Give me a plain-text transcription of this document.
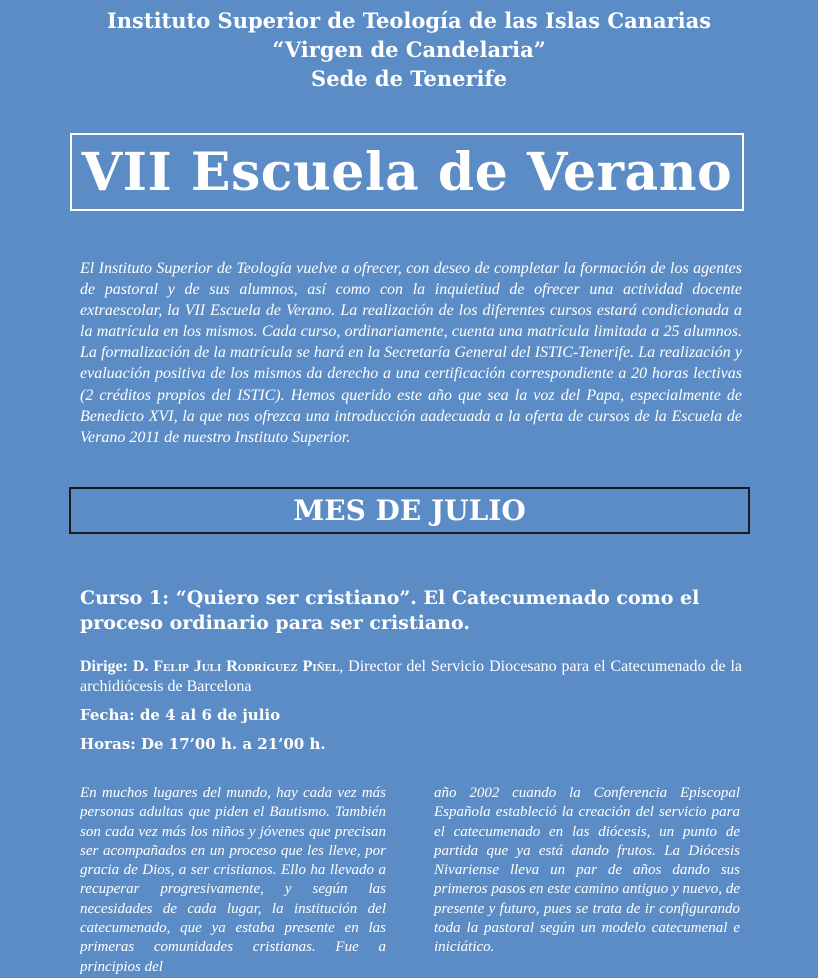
Instituto Superior de Teología de las Islas Canarias
“Virgen de Candelaria”
Sede de Tenerife
VII Escuela de Verano

El Instituto Superior de Teología vuelve a ofrecer, con deseo de completar la formación de los agentes de pastoral y de sus alumnos, así como con la inquietiud de ofrecer una actividad docente extraescolar, la VII Escuela de Verano. La realización de los diferentes cursos estará condicionada a la matrícula en los mismos. Cada curso, ordinariamente, cuenta una matrícula limitada a 25 alumnos. La formalización de la matrícula se hará en la Secretaría General del ISTIC-Tenerife. La realización y evaluación positiva de los mismos da derecho a una certificación correspondiente a 20 horas lectivas (2 créditos propios del ISTIC). Hemos querido este año que sea la voz del Papa, especialmente de Benedicto XVI, la que nos ofrezca una introducción aadecuada a la oferta de cursos de la Escuela de Verano 2011 de nuestro Instituto Superior.

MES DE JULIO
Curso 1: “Quiero ser cristiano”. El Catecumenado como el proceso ordinario para ser cristiano.
Dirige: D. Felip Juli Rodríguez Piñel, Director del Servicio Diocesano para el Catecumenado de la archidiócesis de Barcelona
Fecha: de 4 al 6 de julio
Horas: De 17’00 h. a 21’00 h.
En muchos lugares del mundo, hay cada vez más personas adultas que piden el Bautismo. También son cada vez más los niños y jóvenes que precisan ser acompañados en un proceso que les lleve, por gracia de Dios, a ser cristianos. Ello ha llevado a recuperar progresivamente, y según las necesidades de cada lugar, la institución del catecumenado, que ya estaba presente en las primeras comunidades cristianas. Fue a principios del
año 2002 cuando la Conferencia Episcopal Española estableció la creación del servicio para el catecumenado en las diócesis, un punto de partida que ya está dando frutos. La Diócesis Nivariense lleva un par de años dando sus primeros pasos en este camino antiguo y nuevo, de presente y futuro, pues se trata de ir configurando toda la pastoral según un modelo catecumenal e iniciático.
